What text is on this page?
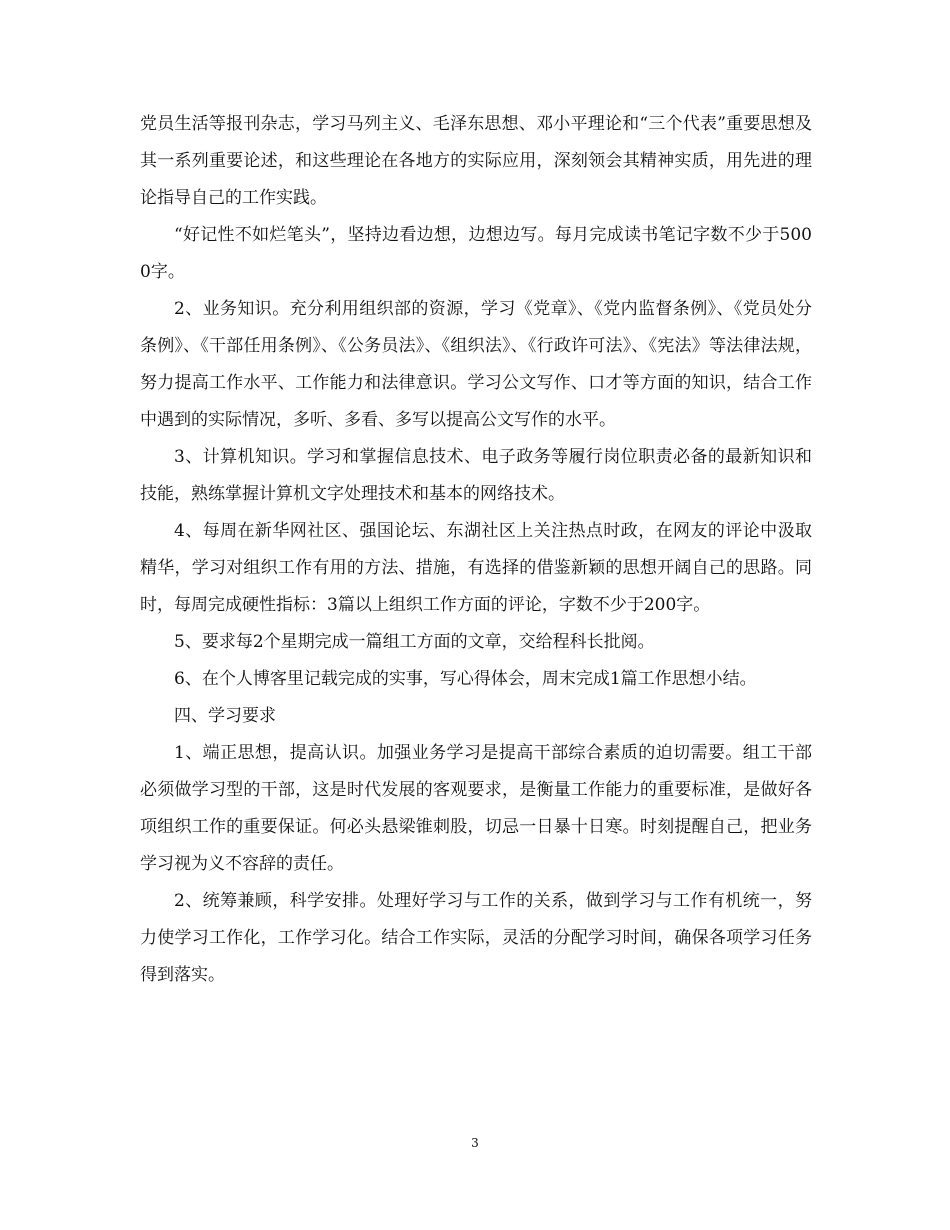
党员生活等报刊杂志，学习马列主义、毛泽东思想、邓小平理论和“三个代表”重要思想及其一系列重要论述，和这些理论在各地方的实际应用，深刻领会其精神实质，用先进的理论指导自己的工作实践。

“好记性不如烂笔头”，坚持边看边想，边想边写。每月完成读书笔记字数不少于5000字。

2、业务知识。充分利用组织部的资源，学习《党章》、《党内监督条例》、《党员处分条例》、《干部任用条例》、《公务员法》、《组织法》、《行政许可法》、《宪法》等法律法规，努力提高工作水平、工作能力和法律意识。学习公文写作、口才等方面的知识，结合工作中遇到的实际情况，多听、多看、多写以提高公文写作的水平。

3、计算机知识。学习和掌握信息技术、电子政务等履行岗位职责必备的最新知识和技能，熟练掌握计算机文字处理技术和基本的网络技术。

4、每周在新华网社区、强国论坛、东湖社区上关注热点时政，在网友的评论中汲取精华，学习对组织工作有用的方法、措施，有选择的借鉴新颖的思想开阔自己的思路。同时，每周完成硬性指标：3篇以上组织工作方面的评论，字数不少于200字。

5、要求每2个星期完成一篇组工方面的文章，交给程科长批阅。

6、在个人博客里记载完成的实事，写心得体会，周末完成1篇工作思想小结。

四、学习要求

1、端正思想，提高认识。加强业务学习是提高干部综合素质的迫切需要。组工干部必须做学习型的干部，这是时代发展的客观要求，是衡量工作能力的重要标准，是做好各项组织工作的重要保证。何必头悬梁锥刺股，切忌一日暴十日寒。时刻提醒自己，把业务学习视为义不容辞的责任。

2、统筹兼顾，科学安排。处理好学习与工作的关系，做到学习与工作有机统一，努力使学习工作化，工作学习化。结合工作实际，灵活的分配学习时间，确保各项学习任务得到落实。

3
